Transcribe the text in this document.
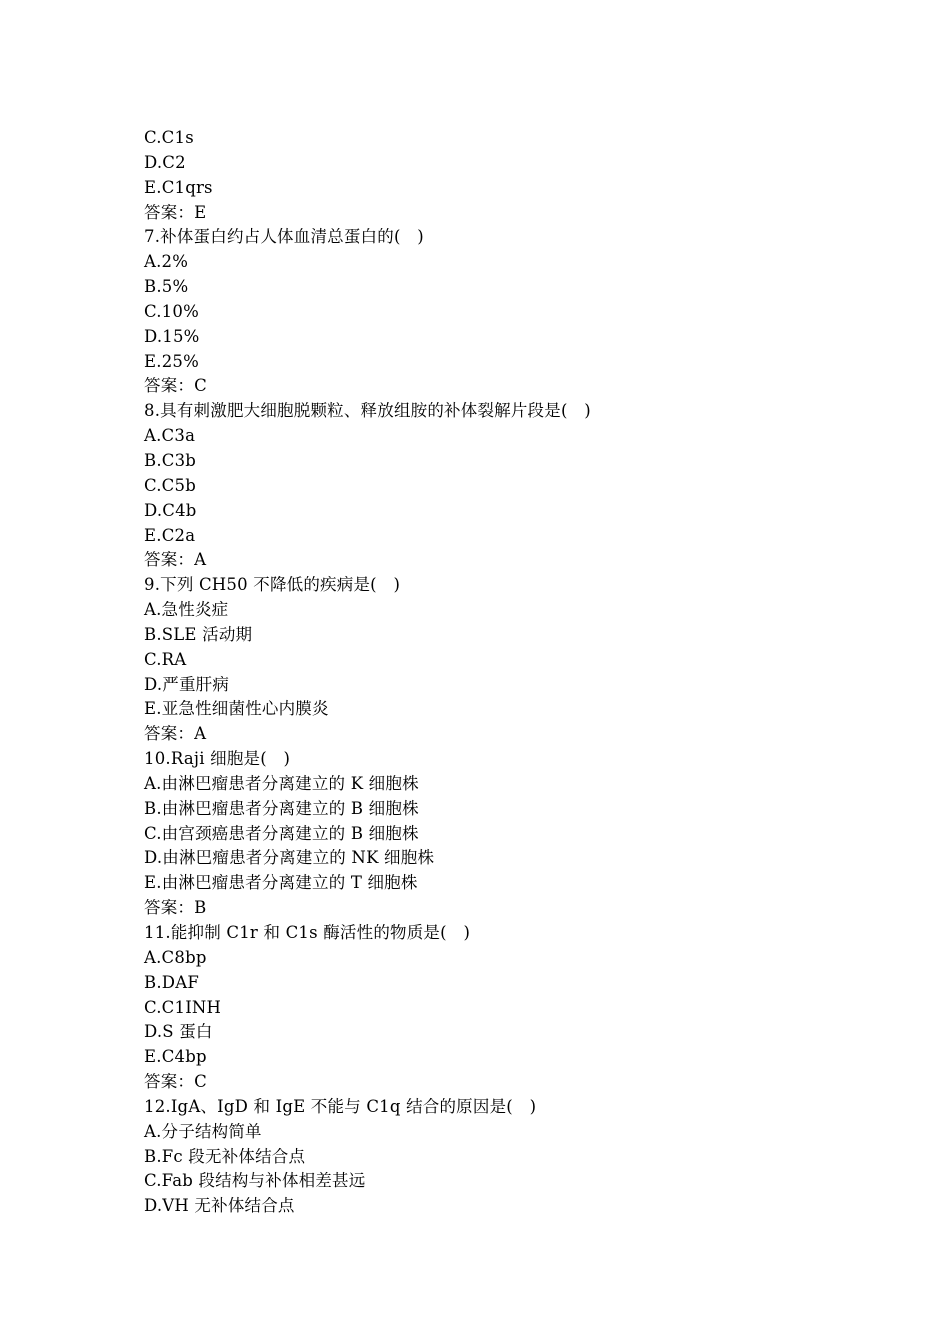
C.C1s
D.C2
E.C1qrs
答案：E
7.补体蛋白约占人体血清总蛋白的(　)
A.2%
B.5%
C.10%
D.15%
E.25%
答案：C
8.具有刺激肥大细胞脱颗粒、释放组胺的补体裂解片段是(　)
A.C3a
B.C3b
C.C5b
D.C4b
E.C2a
答案：A
9.下列 CH50 不降低的疾病是(　)
A.急性炎症
B.SLE 活动期
C.RA
D.严重肝病
E.亚急性细菌性心内膜炎
答案：A
10.Raji 细胞是(　)
A.由淋巴瘤患者分离建立的 K 细胞株
B.由淋巴瘤患者分离建立的 B 细胞株
C.由宫颈癌患者分离建立的 B 细胞株
D.由淋巴瘤患者分离建立的 NK 细胞株
E.由淋巴瘤患者分离建立的 T 细胞株
答案：B
11.能抑制 C1r 和 C1s 酶活性的物质是(　)
A.C8bp
B.DAF
C.C1INH
D.S 蛋白
E.C4bp
答案：C
12.IgA、IgD 和 IgE 不能与 C1q 结合的原因是(　)
A.分子结构简单
B.Fc 段无补体结合点
C.Fab 段结构与补体相差甚远
D.VH 无补体结合点
